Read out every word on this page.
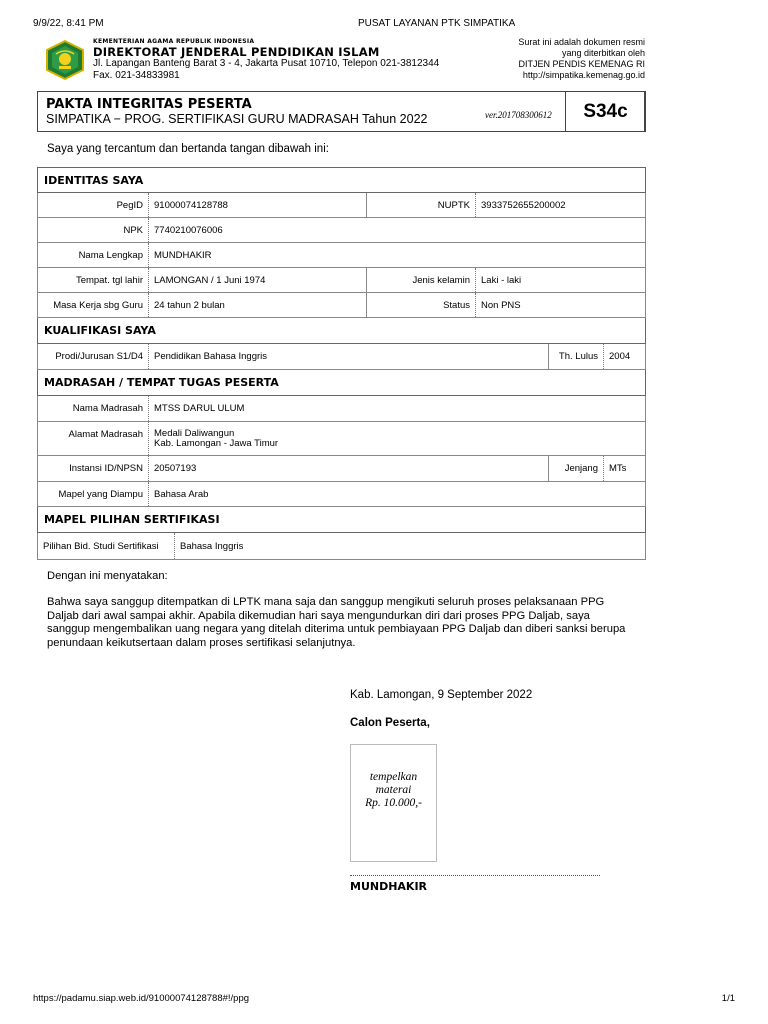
9/9/22, 8:41 PM	PUSAT LAYANAN PTK SIMPATIKA
KEMENTERIAN AGAMA REPUBLIK INDONESIA
DIREKTORAT JENDERAL PENDIDIKAN ISLAM
Jl. Lapangan Banteng Barat 3 - 4, Jakarta Pusat 10710, Telepon 021-3812344
Fax. 021-34833981
Surat ini adalah dokumen resmi
yang diterbitkan oleh
DITJEN PENDIS KEMENAG RI
http://simpatika.kemenag.go.id
PAKTA INTEGRITAS PESERTA
SIMPATIKA − PROG. SERTIFIKASI GURU MADRASAH Tahun 2022	ver.201708300612	S34c
Saya yang tercantum dan bertanda tangan dibawah ini:
IDENTITAS SAYA
PegID	91000074128788	NUPTK	3933752655200002
NPK	7740210076006
Nama Lengkap	MUNDHAKIR
Tempat. tgl lahir	LAMONGAN / 1 Juni 1974	Jenis kelamin	Laki - laki
Masa Kerja sbg Guru	24 tahun 2 bulan	Status	Non PNS
KUALIFIKASI SAYA
Prodi/Jurusan S1/D4	Pendidikan Bahasa Inggris	Th. Lulus	2004
MADRASAH / TEMPAT TUGAS PESERTA
Nama Madrasah	MTSS DARUL ULUM
Alamat Madrasah	Medali Daliwangun
Kab. Lamongan - Jawa Timur
Instansi ID/NPSN	20507193	Jenjang	MTs
Mapel yang Diampu	Bahasa Arab
MAPEL PILIHAN SERTIFIKASI
Pilihan Bid. Studi Sertifikasi	Bahasa Inggris
Dengan ini menyatakan:
Bahwa saya sanggup ditempatkan di LPTK mana saja dan sanggup mengikuti seluruh proses pelaksanaan PPG
Daljab dari awal sampai akhir. Apabila dikemudian hari saya mengundurkan diri dari proses PPG Daljab, saya
sanggup mengembalikan uang negara yang ditelah diterima untuk pembiayaan PPG Daljab dan diberi sanksi berupa
penundaan keikutsertaan dalam proses sertifikasi selanjutnya.
Kab. Lamongan, 9 September 2022
Calon Peserta,
tempelkan
materai
Rp. 10.000,-
MUNDHAKIR
https://padamu.siap.web.id/91000074128788#!/ppg	1/1
